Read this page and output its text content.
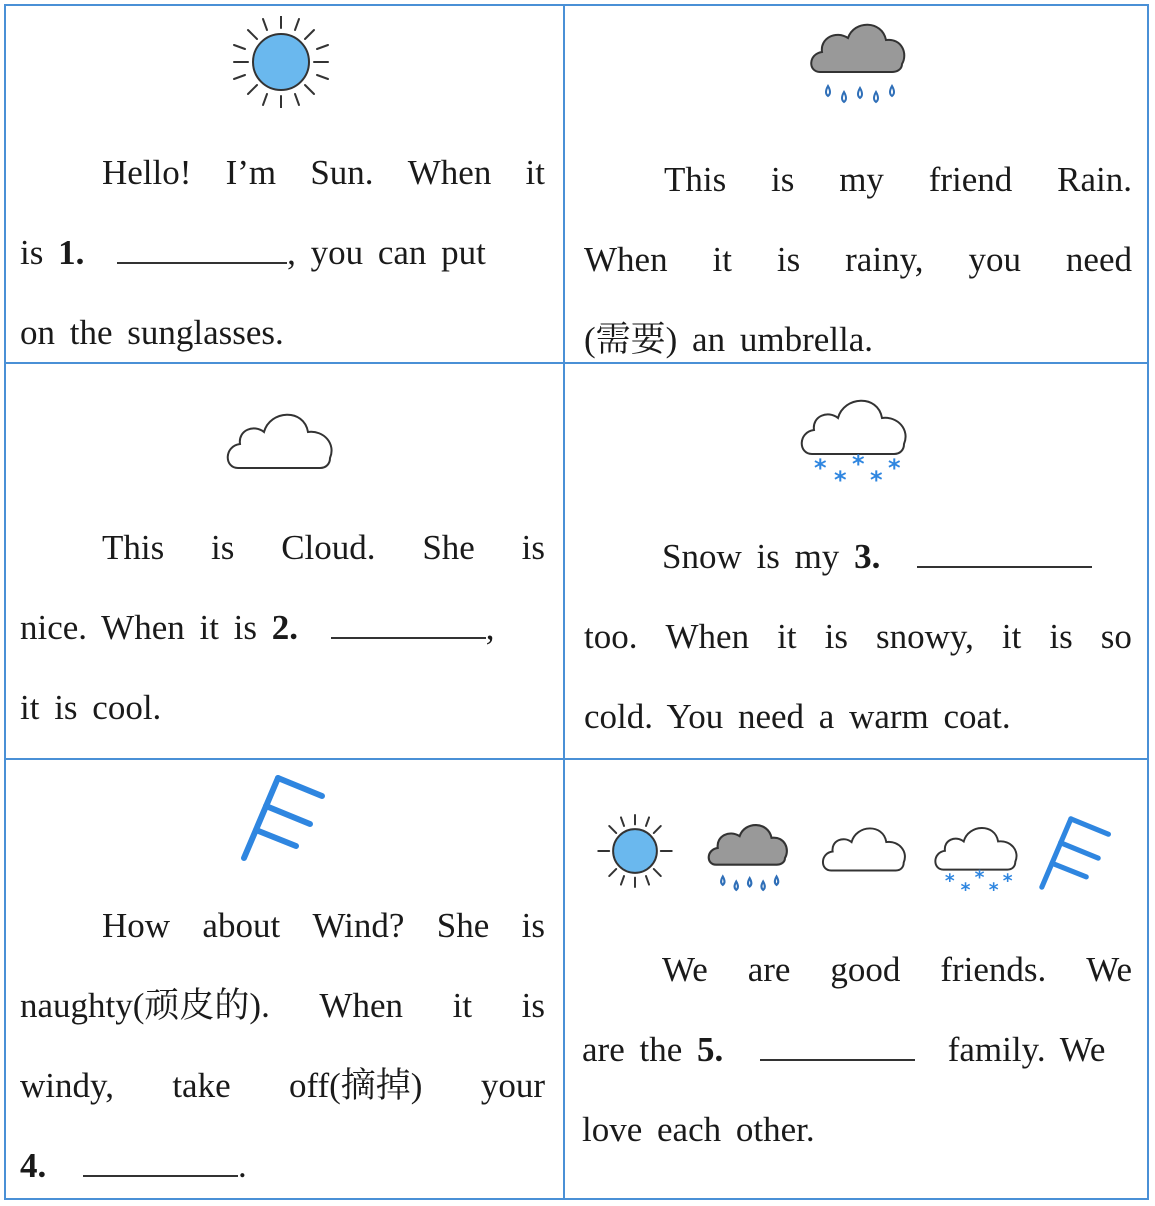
Hello! I’m Sun. When it
is 1.	, you can put
on the sunglasses.
This is my friend Rain.
When it is rainy, you need
(需要) an umbrella.
This is Cloud. She is
nice. When it is 2.	,
it is cool.
* *
*
* *
Snow is my 3.
too. When it is snowy, it is so
cold. You need a warm coat.
How about Wind? She is
naughty(顽皮的). When it is
windy, take off(摘掉) your
4.	.
* *
*
* *
We are good friends. We
are the 5.	family. We
love each other.
